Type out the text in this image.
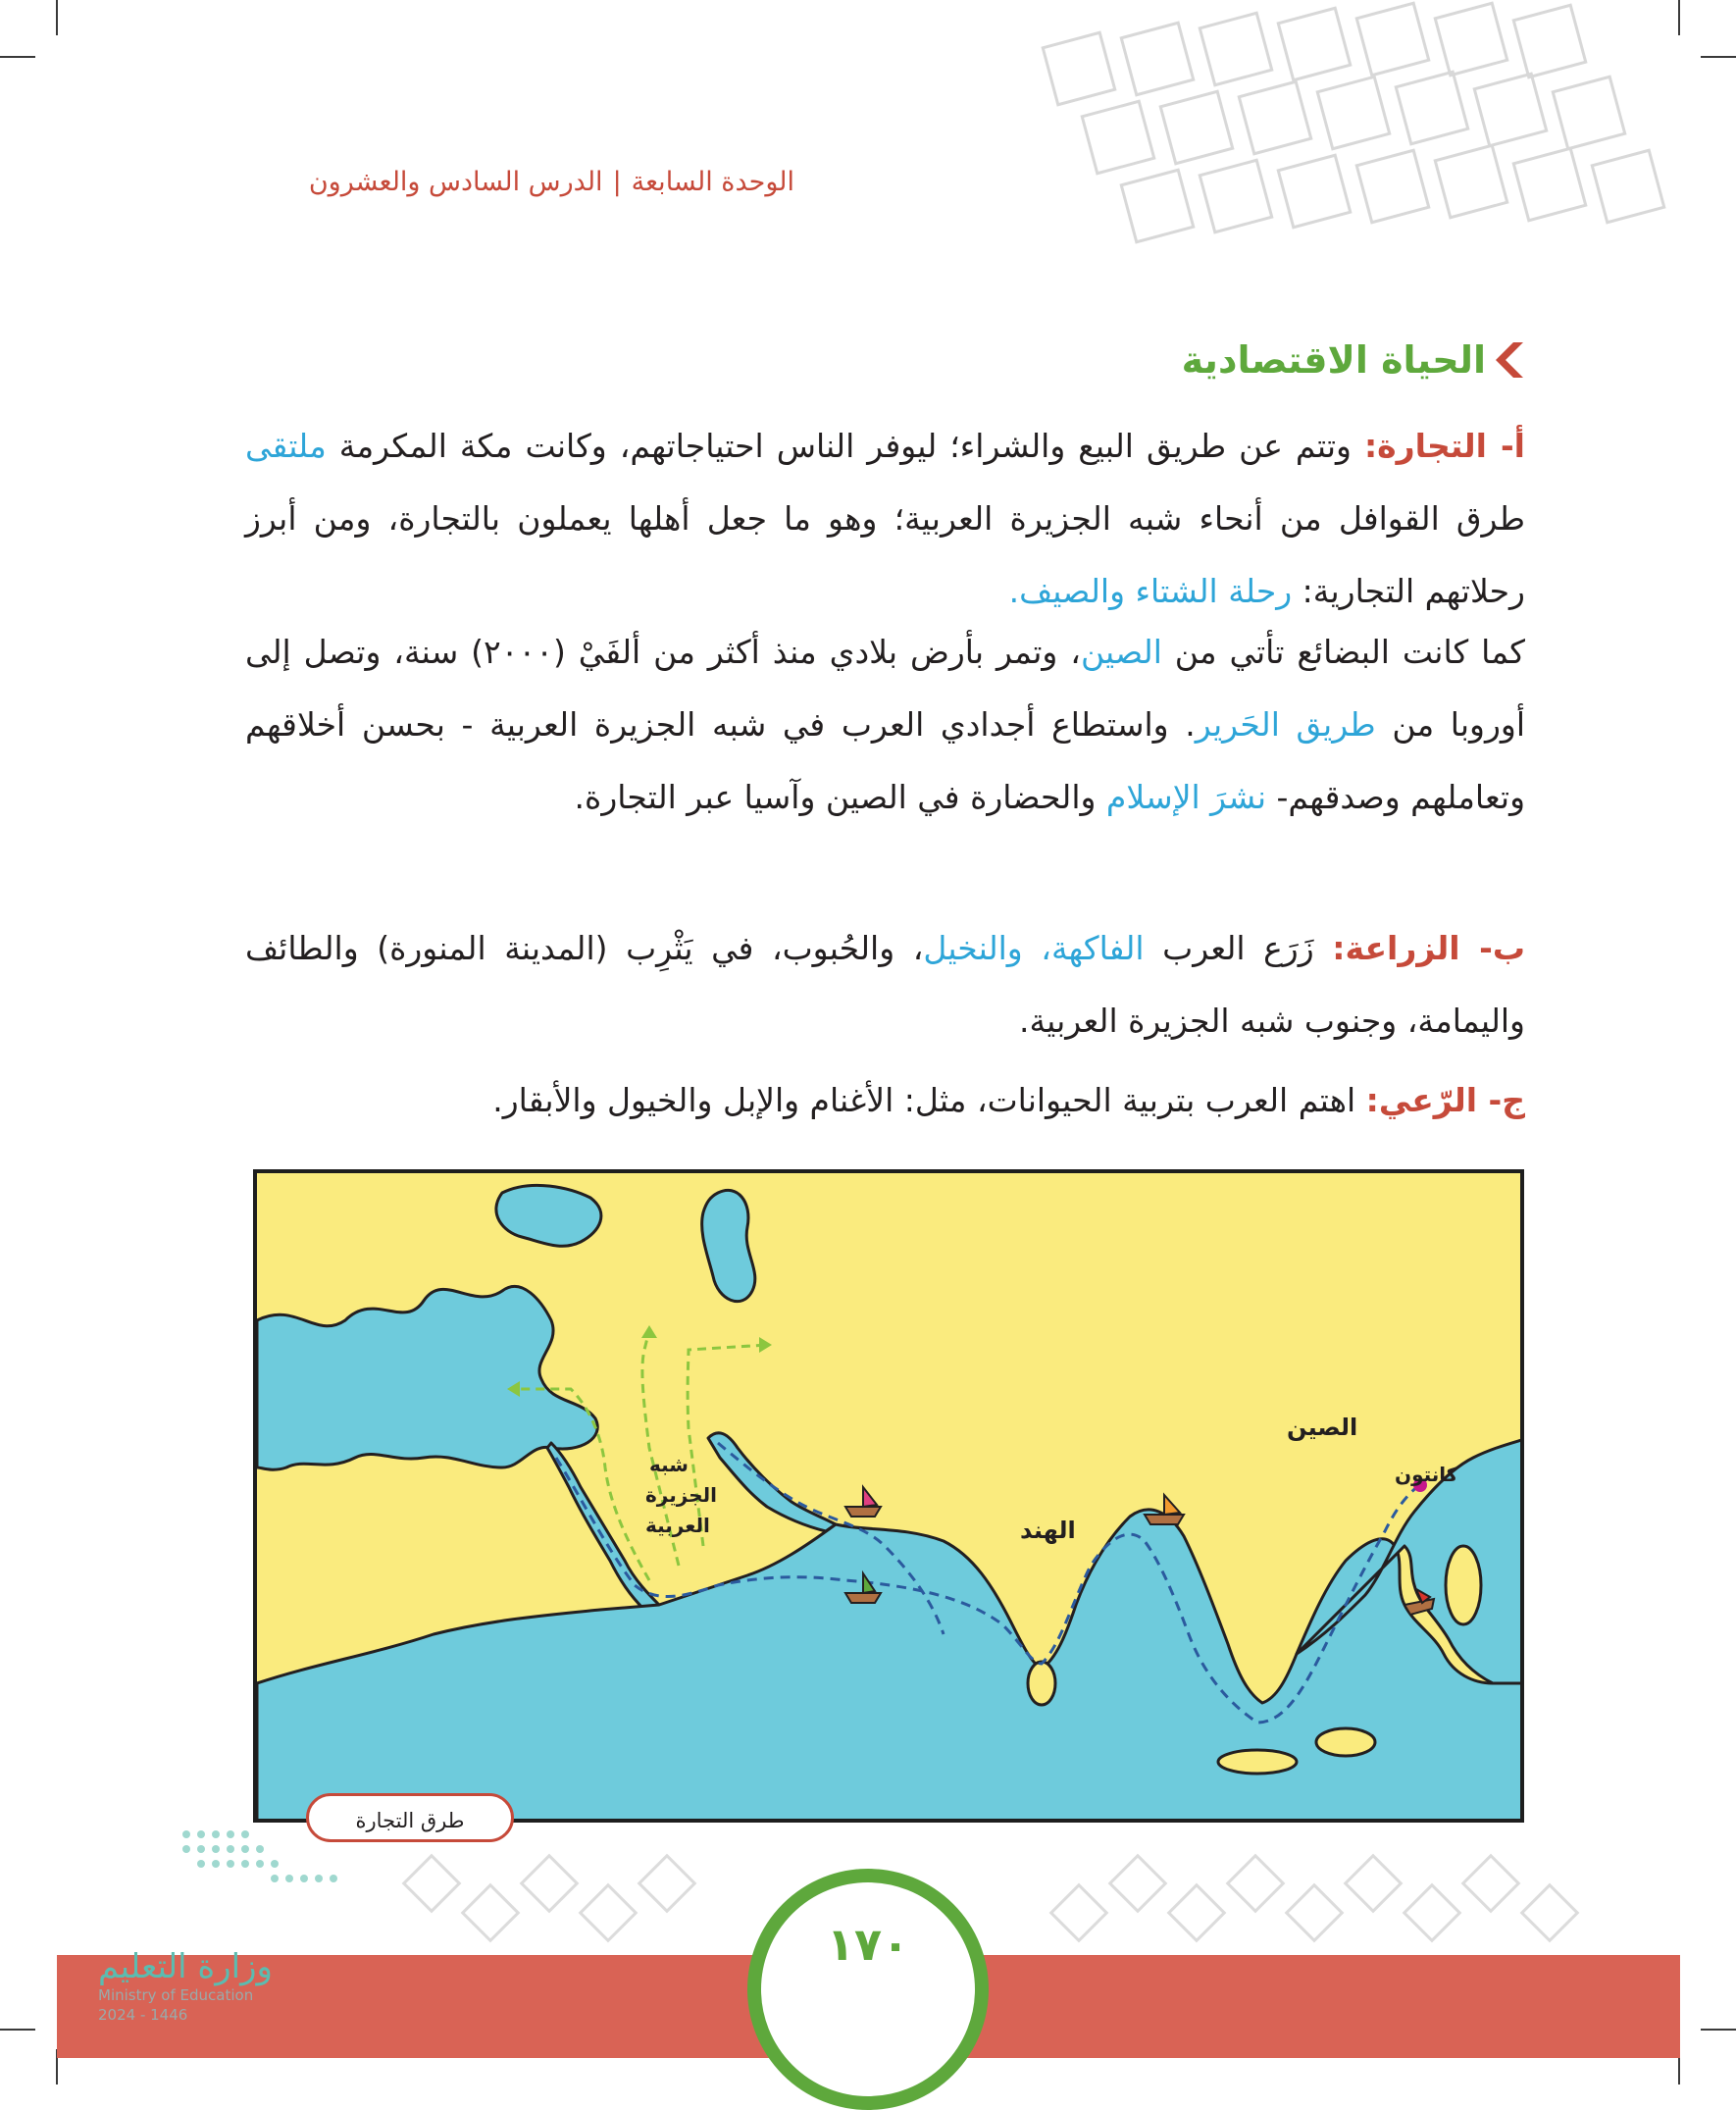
الوحدة السابعة|الدرس السادس والعشرون
الحياة الاقتصادية

أ- التجارة: وتتم عن طريق البيع والشراء؛ ليوفر الناس احتياجاتهم، وكانت مكة المكرمة ملتقى طرق القوافل من أنحاء شبه الجزيرة العربية؛ وهو ما جعل أهلها يعملون بالتجارة، ومن أبرز رحلاتهم التجارية: رحلة الشتاء والصيف.

كما كانت البضائع تأتي من الصين، وتمر بأرض بلادي منذ أكثر من ألفَيْ (٢٠٠٠) سنة، وتصل إلى أوروبا من طريق الحَرير. واستطاع أجدادي العرب في شبه الجزيرة العربية - بحسن أخلاقهم وتعاملهم وصدقهم- نشرَ الإسلام والحضارة في الصين وآسيا عبر التجارة.

ب- الزراعة: زَرَع العرب الفاكهة، والنخيل، والحُبوب، في يَثْرِب (المدينة المنورة) والطائف واليمامة، وجنوب شبه الجزيرة العربية.

ج- الرّعي: اهتم العرب بتربية الحيوانات، مثل: الأغنام والإبل والخيول والأبقار.

شبه
الجزيرة
العربية	الهند
الصين
كانتون
طرق التجارة
١٧٠
وزارة التعليم
Ministry of Education
2024 - 1446
